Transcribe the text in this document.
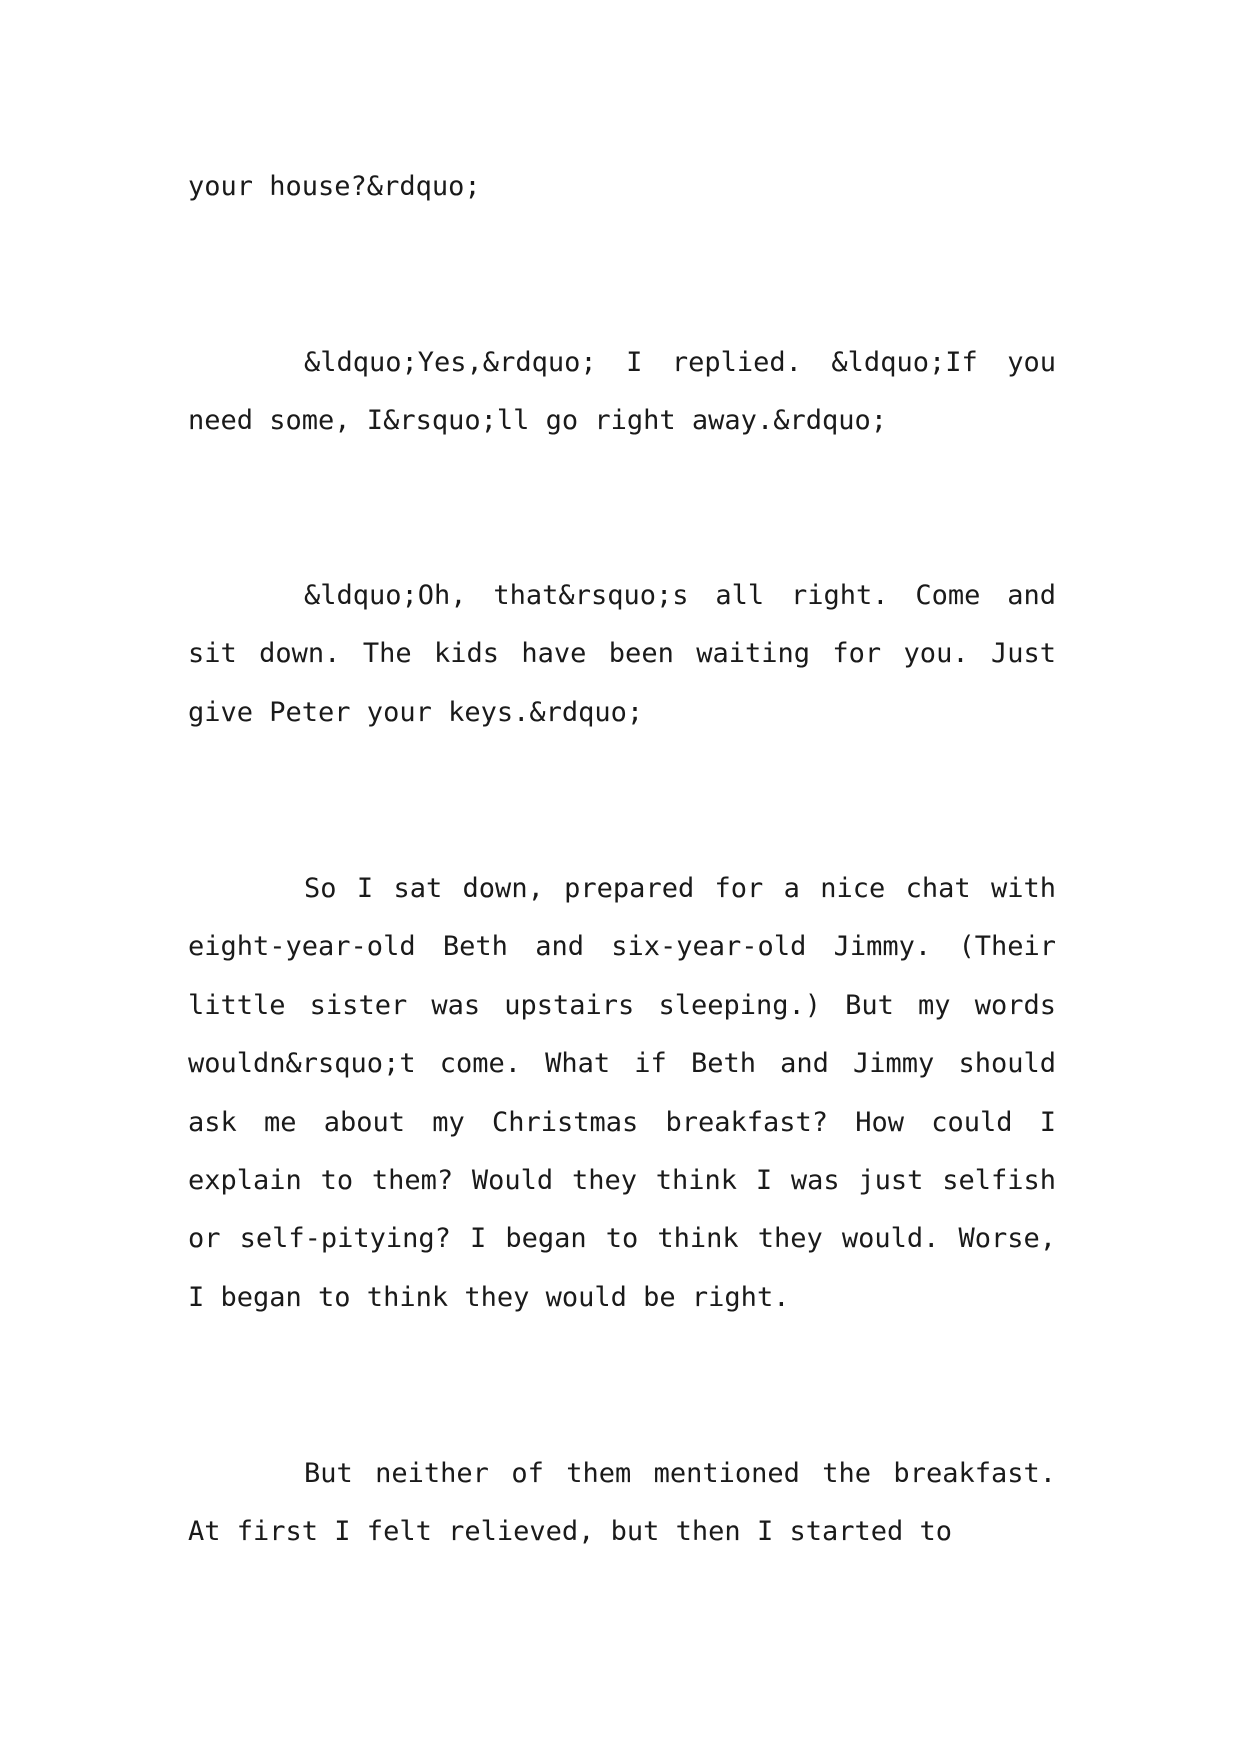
your house?&rdquo;

&ldquo;Yes,&rdquo; I replied. &ldquo;If you need some, I&rsquo;ll go right away.&rdquo;

&ldquo;Oh, that&rsquo;s all right. Come and sit down. The kids have been waiting for you. Just give Peter your keys.&rdquo;

So I sat down, prepared for a nice chat with eight-year-old Beth and six-year-old Jimmy. (Their little sister was upstairs sleeping.) But my words wouldn&rsquo;t come. What if Beth and Jimmy should ask me about my Christmas breakfast? How could I explain to them? Would they think I was just selfish or self-pitying? I began to think they would. Worse, I began to think they would be right.

But neither of them mentioned the breakfast. At first I felt relieved, but then I started to
